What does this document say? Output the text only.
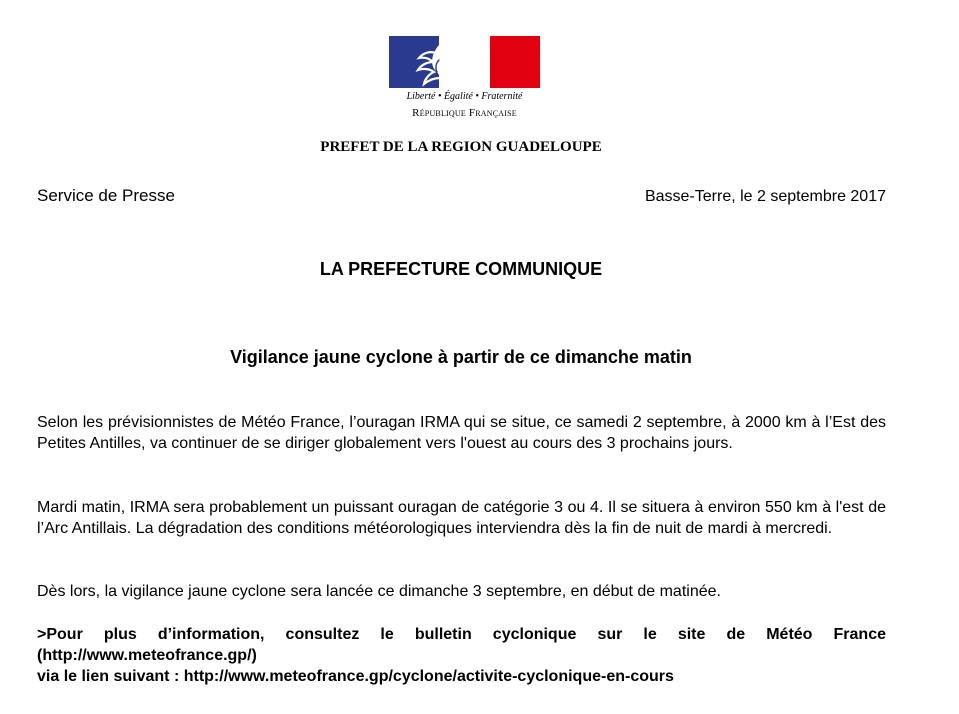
Liberté • Égalité • Fraternité
République Française
PREFET DE LA REGION GUADELOUPE
Service de Presse	Basse-Terre, le 2 septembre 2017
LA PREFECTURE COMMUNIQUE
Vigilance jaune cyclone à partir de ce dimanche matin
Selon les prévisionnistes de Météo France, l’ouragan IRMA qui se situe, ce samedi 2 septembre, à 2000 km à l’Est des Petites Antilles, va continuer de se diriger globalement vers l'ouest au cours des 3 prochains jours.
Mardi matin, IRMA sera probablement un puissant ouragan de catégorie 3 ou 4. Il se situera à environ 550 km à l'est de l’Arc Antillais. La dégradation des conditions météorologiques interviendra dès la fin de nuit de mardi à mercredi.
Dès lors, la vigilance jaune cyclone sera lancée ce dimanche 3 septembre, en début de matinée.
>Pour plus d’information, consultez le bulletin cyclonique sur le site de Météo France
(http://www.meteofrance.gp/)
via le lien suivant : http://www.meteofrance.gp/cyclone/activite-cyclonique-en-cours
